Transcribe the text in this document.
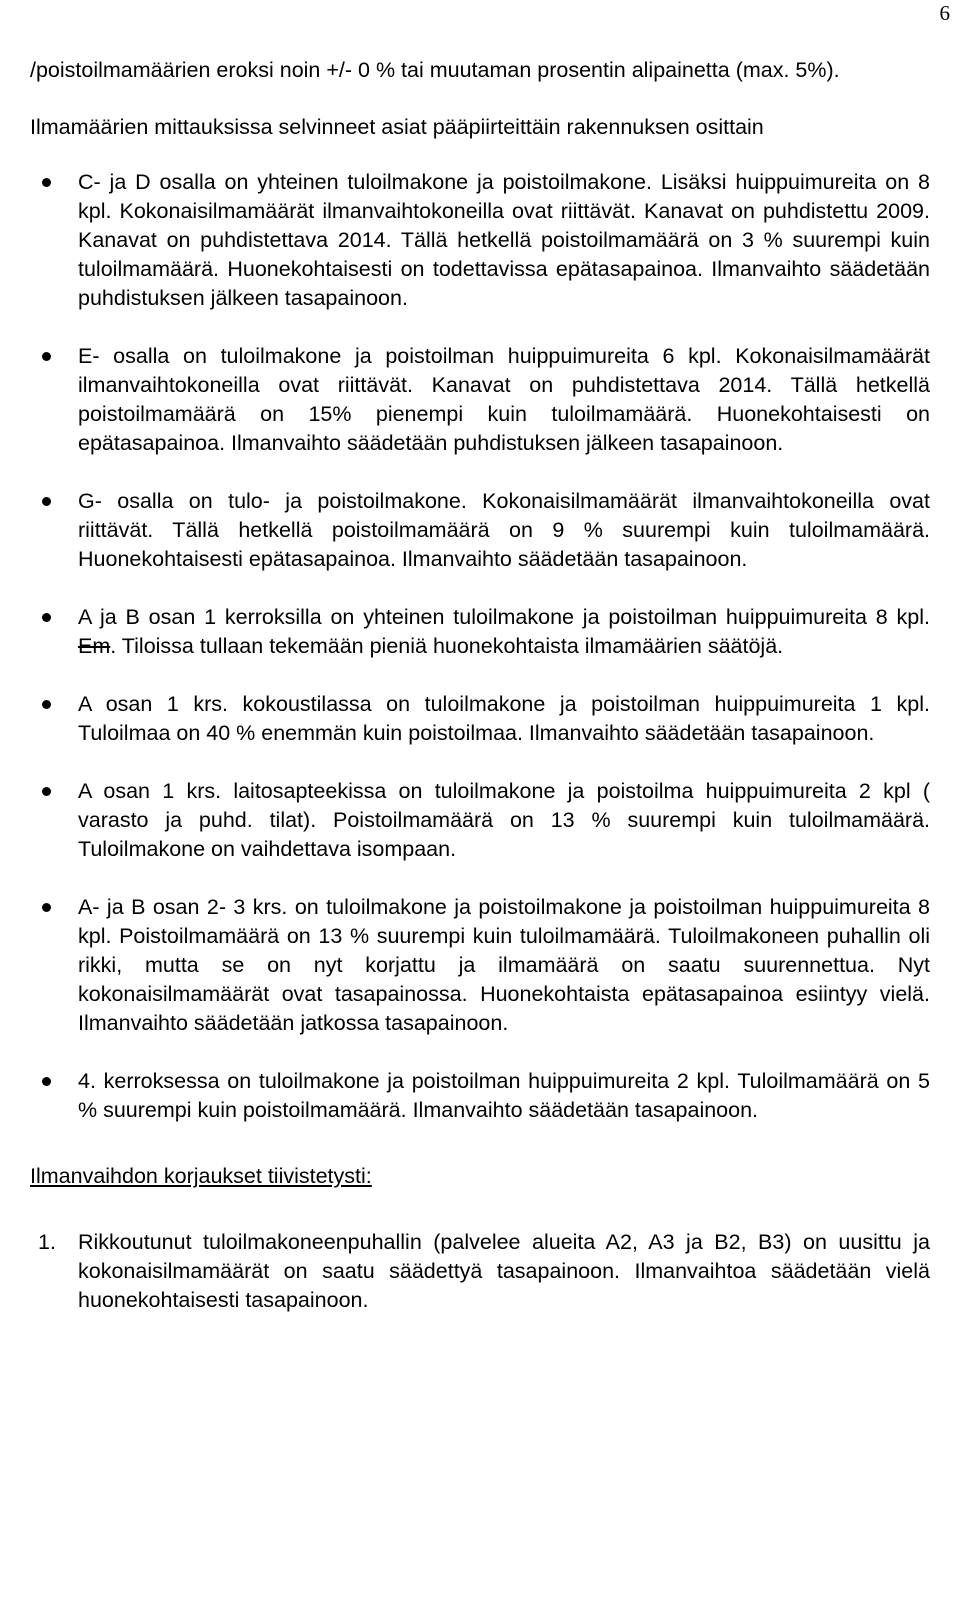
6

/poistoilmamäärien eroksi noin +/- 0 % tai muutaman prosentin alipainetta (max. 5%).

Ilmamäärien mittauksissa selvinneet asiat pääpiirteittäin rakennuksen osittain

C- ja D osalla on yhteinen tuloilmakone ja poistoilmakone. Lisäksi huippuimureita on 8 kpl. Kokonaisilmamäärät ilmanvaihtokoneilla ovat riittävät. Kanavat on puhdistettu 2009. Kanavat on puhdistettava 2014. Tällä hetkellä poistoilmamäärä on 3 % suurempi kuin tuloilmamäärä. Huonekohtaisesti on todettavissa epätasapainoa. Ilmanvaihto säädetään puhdistuksen jälkeen tasapainoon.
E- osalla on tuloilmakone ja poistoilman huippuimureita 6 kpl. Kokonaisilmamäärät ilmanvaihtokoneilla ovat riittävät. Kanavat on puhdistettava 2014. Tällä hetkellä poistoilmamäärä on 15% pienempi kuin tuloilmamäärä. Huonekohtaisesti on epätasapainoa. Ilmanvaihto säädetään puhdistuksen jälkeen tasapainoon.
G- osalla on tulo- ja poistoilmakone. Kokonaisilmamäärät ilmanvaihtokoneilla ovat riittävät. Tällä hetkellä poistoilmamäärä on 9 % suurempi kuin tuloilmamäärä. Huonekohtaisesti epätasapainoa. Ilmanvaihto säädetään tasapainoon.
A ja B osan 1 kerroksilla on yhteinen tuloilmakone ja poistoilman huippuimureita 8 kpl. Em. Tiloissa tullaan tekemään pieniä huonekohtaista ilmamäärien säätöjä.
A osan 1 krs. kokoustilassa on tuloilmakone ja poistoilman huippuimureita 1 kpl. Tuloilmaa on 40 % enemmän kuin poistoilmaa. Ilmanvaihto säädetään tasapainoon.
A osan 1 krs. laitosapteekissa on tuloilmakone ja poistoilma huippuimureita 2 kpl ( varasto ja puhd. tilat). Poistoilmamäärä on 13 % suurempi kuin tuloilmamäärä. Tuloilmakone on vaihdettava isompaan.
A- ja B osan 2- 3 krs. on tuloilmakone ja poistoilmakone ja poistoilman huippuimureita 8 kpl. Poistoilmamäärä on 13 % suurempi kuin tuloilmamäärä. Tuloilmakoneen puhallin oli rikki, mutta se on nyt korjattu ja ilmamäärä on saatu suurennettua. Nyt kokonaisilmamäärät ovat tasapainossa. Huonekohtaista epätasapainoa esiintyy vielä. Ilmanvaihto säädetään jatkossa tasapainoon.
4. kerroksessa on tuloilmakone ja poistoilman huippuimureita 2 kpl. Tuloilmamäärä on 5 % suurempi kuin poistoilmamäärä. Ilmanvaihto säädetään tasapainoon.

Ilmanvaihdon korjaukset tiivistetysti:

1. Rikkoutunut tuloilmakoneenpuhallin (palvelee alueita A2, A3 ja B2, B3) on uusittu ja kokonaisilmamäärät on saatu säädettyä tasapainoon. Ilmanvaihtoa säädetään vielä huonekohtaisesti tasapainoon.
